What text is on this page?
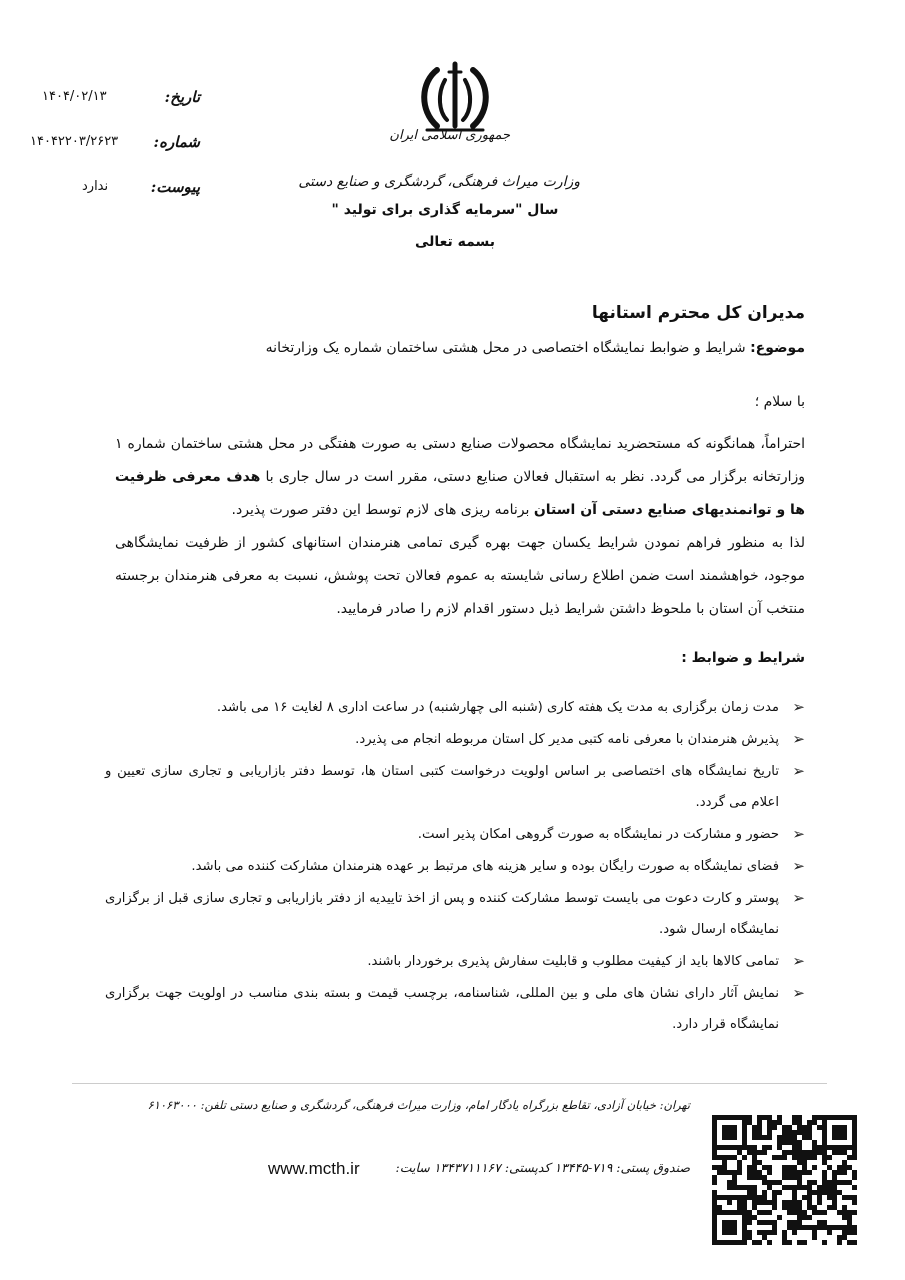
تاریخ:
۱۴۰۴/۰۲/۱۳
شماره:
۱۴۰۴۲۲۰۳/۲۶۲۳
پیوست:
ندارد
جمهوری اسلامی ایران
وزارت میراث فرهنگی، گردشگری و صنایع دستی
سال "سرمایه گذاری برای تولید "
بسمه تعالی
مدیران کل محترم استانها
موضوع: شرایط و ضوابط نمایشگاه اختصاصی در محل هشتی ساختمان شماره یک وزارتخانه
با سلام ؛

احتراماً، همانگونه که مستحضرید نمایشگاه محصولات صنایع دستی به صورت هفتگی در محل هشتی ساختمان شماره ۱ وزارتخانه برگزار می گردد. نظر به استقبال فعالان صنایع دستی، مقرر است در سال جاری با هدف معرفی ظرفیت ها و توانمندیهای صنایع دستی آن استان برنامه ریزی های لازم توسط این دفتر صورت پذیرد.

لذا به منظور فراهم نمودن شرایط یکسان جهت بهره گیری تمامی هنرمندان استانهای کشور از ظرفیت نمایشگاهی موجود، خواهشمند است ضمن اطلاع رسانی شایسته به عموم فعالان تحت پوشش، نسبت به معرفی هنرمندان برجسته منتخب آن استان با ملحوظ داشتن شرایط ذیل دستور اقدام لازم را صادر فرمایید.

شرایط و ضوابط :
➢
مدت زمان برگزاری به مدت یک هفته کاری (شنبه الی چهارشنبه) در ساعت اداری ۸ لغایت ۱۶ می باشد.
➢
پذیرش هنرمندان با معرفی نامه کتبی مدیر کل استان مربوطه انجام می پذیرد.
➢
تاریخ نمایشگاه های اختصاصی بر اساس اولویت درخواست کتبی استان ها، توسط دفتر بازاریابی و تجاری سازی تعیین و اعلام می گردد.
➢
حضور و مشارکت در نمایشگاه به صورت گروهی امکان پذیر است.
➢
فضای نمایشگاه به صورت رایگان بوده و سایر هزینه های مرتبط بر عهده هنرمندان مشارکت کننده می باشد.
➢
پوستر و کارت دعوت می بایست توسط مشارکت کننده و پس از اخذ تاییدیه از دفتر بازاریابی و تجاری سازی قبل از برگزاری نمایشگاه ارسال شود.
➢
تمامی کالاها باید از کیفیت مطلوب و قابلیت سفارش پذیری برخوردار باشند.
➢
نمایش آثار دارای نشان های ملی و بین المللی، شناسنامه، برچسب قیمت و بسته بندی مناسب در اولویت جهت برگزاری نمایشگاه قرار دارد.
تهران: خیابان آزادی، تقاطع بزرگراه یادگار امام، وزارت میراث فرهنگی، گردشگری و صنایع دستی تلفن: ۶۱۰۶۳۰۰۰
صندوق پستی: ۷۱۹-۱۳۴۴۵ کدپستی: ۱۳۴۳۷۱۱۱۶۷ سایت:
www.mcth.ir
